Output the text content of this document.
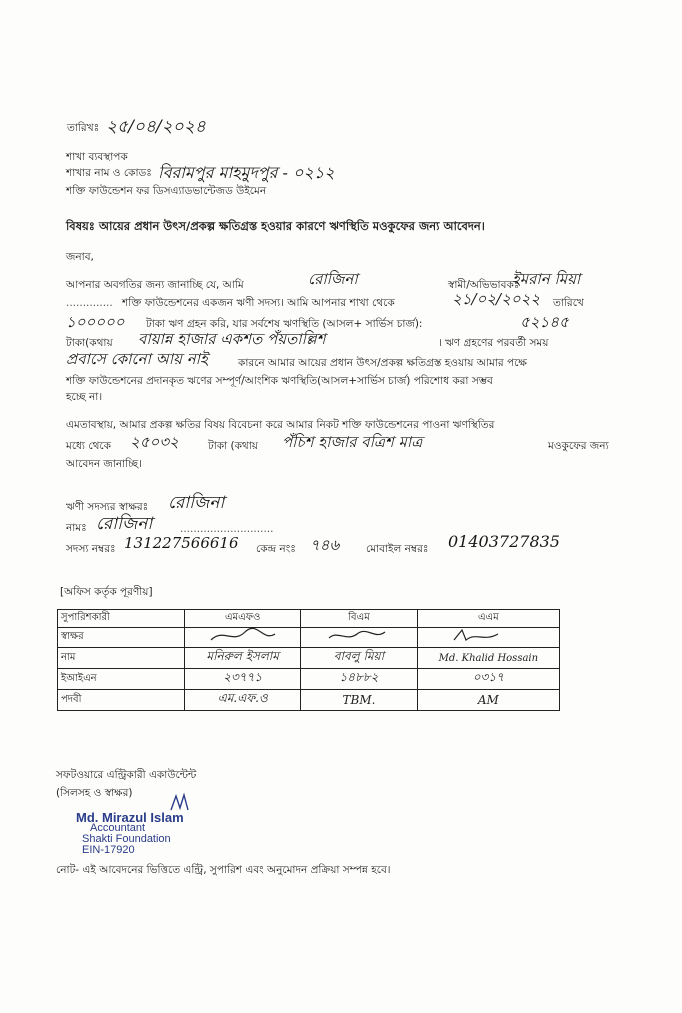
তারিখঃ ২৫/০৪/২০২৪
শাখা ব্যবস্থাপক
শাখার নাম ও কোডঃ বিরামপুর মাহমুদপুর - ০২১২
শক্তি ফাউন্ডেশন ফর ডিসএ্যাডভান্টেজড উইমেন
বিষয়ঃ আয়ের প্রধান উৎস/প্রকল্প ক্ষতিগ্রস্ত হওয়ার কারণে ঋণস্থিতি মওকুফের জন্য আবেদন।
জনাব,
আপনার অবগতির জন্য জানাচ্ছি যে, আমি	রোজিনা	স্বামী/অভিভাবকঃ
ইমরান মিয়া
.............. শক্তি ফাউন্ডেশনের একজন ঋণী সদস্য। আমি আপনার শাখা থেকে	২১/০২/২০২২ তারিখে
১০০০০০ টাকা ঋণ গ্রহন করি, যার সর্বশেষ ঋণস্থিতি (আসল+ সার্ভিস চার্জ):	৫২১৪৫
টাকা(কথায় বায়ান্ন হাজার একশত পঁয়তাল্লিশ	। ঋণ গ্রহণের পরবর্তী সময়
প্রবাসে কোনো আয় নাই	কারনে আমার আয়ের প্রধান উৎস/প্রকল্প ক্ষতিগ্রস্ত হওয়ায় আমার পক্ষে
শক্তি ফাউন্ডেশনের প্রদানকৃত ঋণের সম্পূর্ণ/আংশিক ঋণস্থিতি(আসল+সার্ভিস চার্জ) পরিশোধ করা সম্ভব
হচ্ছে না।
এমতাবস্থায়, আমার প্রকল্প ক্ষতির বিষয় বিবেচনা করে আমার নিকট শক্তি ফাউন্ডেশনের পাওনা ঋণস্থিতির
মধ্যে থেকে ২৫০৩২	টাকা (কথায় পঁচিশ হাজার বত্রিশ মাত্র	মওকুফের জন্য
আবেদন জানাচ্ছি।
ঋণী সদস্যর স্বাক্ষরঃ রোজিনা
নামঃ রোজিনা	............................
সদস্য নম্বরঃ 131227566616 কেন্দ্র নংঃ ৭৪৬	মোবাইল নম্বরঃ 01403727835
[অফিস কর্তৃক পূরণীয়]
সুপারিশকারী	এমএফও	বিএম	এএম
স্বাক্ষর			
নাম	মনিরুল ইসলাম	বাবলু মিয়া	Md. Khalid Hossain
ইআইএন	২৩৭৭১	১৪৮৮২	০৩১৭
পদবী	এম.এফ.ও	TBM.	AM
সফটওয়ারে এন্ট্রিকারী একাউন্টেন্ট
(সিলসহ ও স্বাক্ষর)
Md. Mirazul Islam
Accountant
Shakti Foundation
EIN-17920
নোট- এই আবেদনের ভিত্তিতে এন্ট্রি, সুপারিশ এবং অনুমোদন প্রক্রিয়া সম্পন্ন হবে।
